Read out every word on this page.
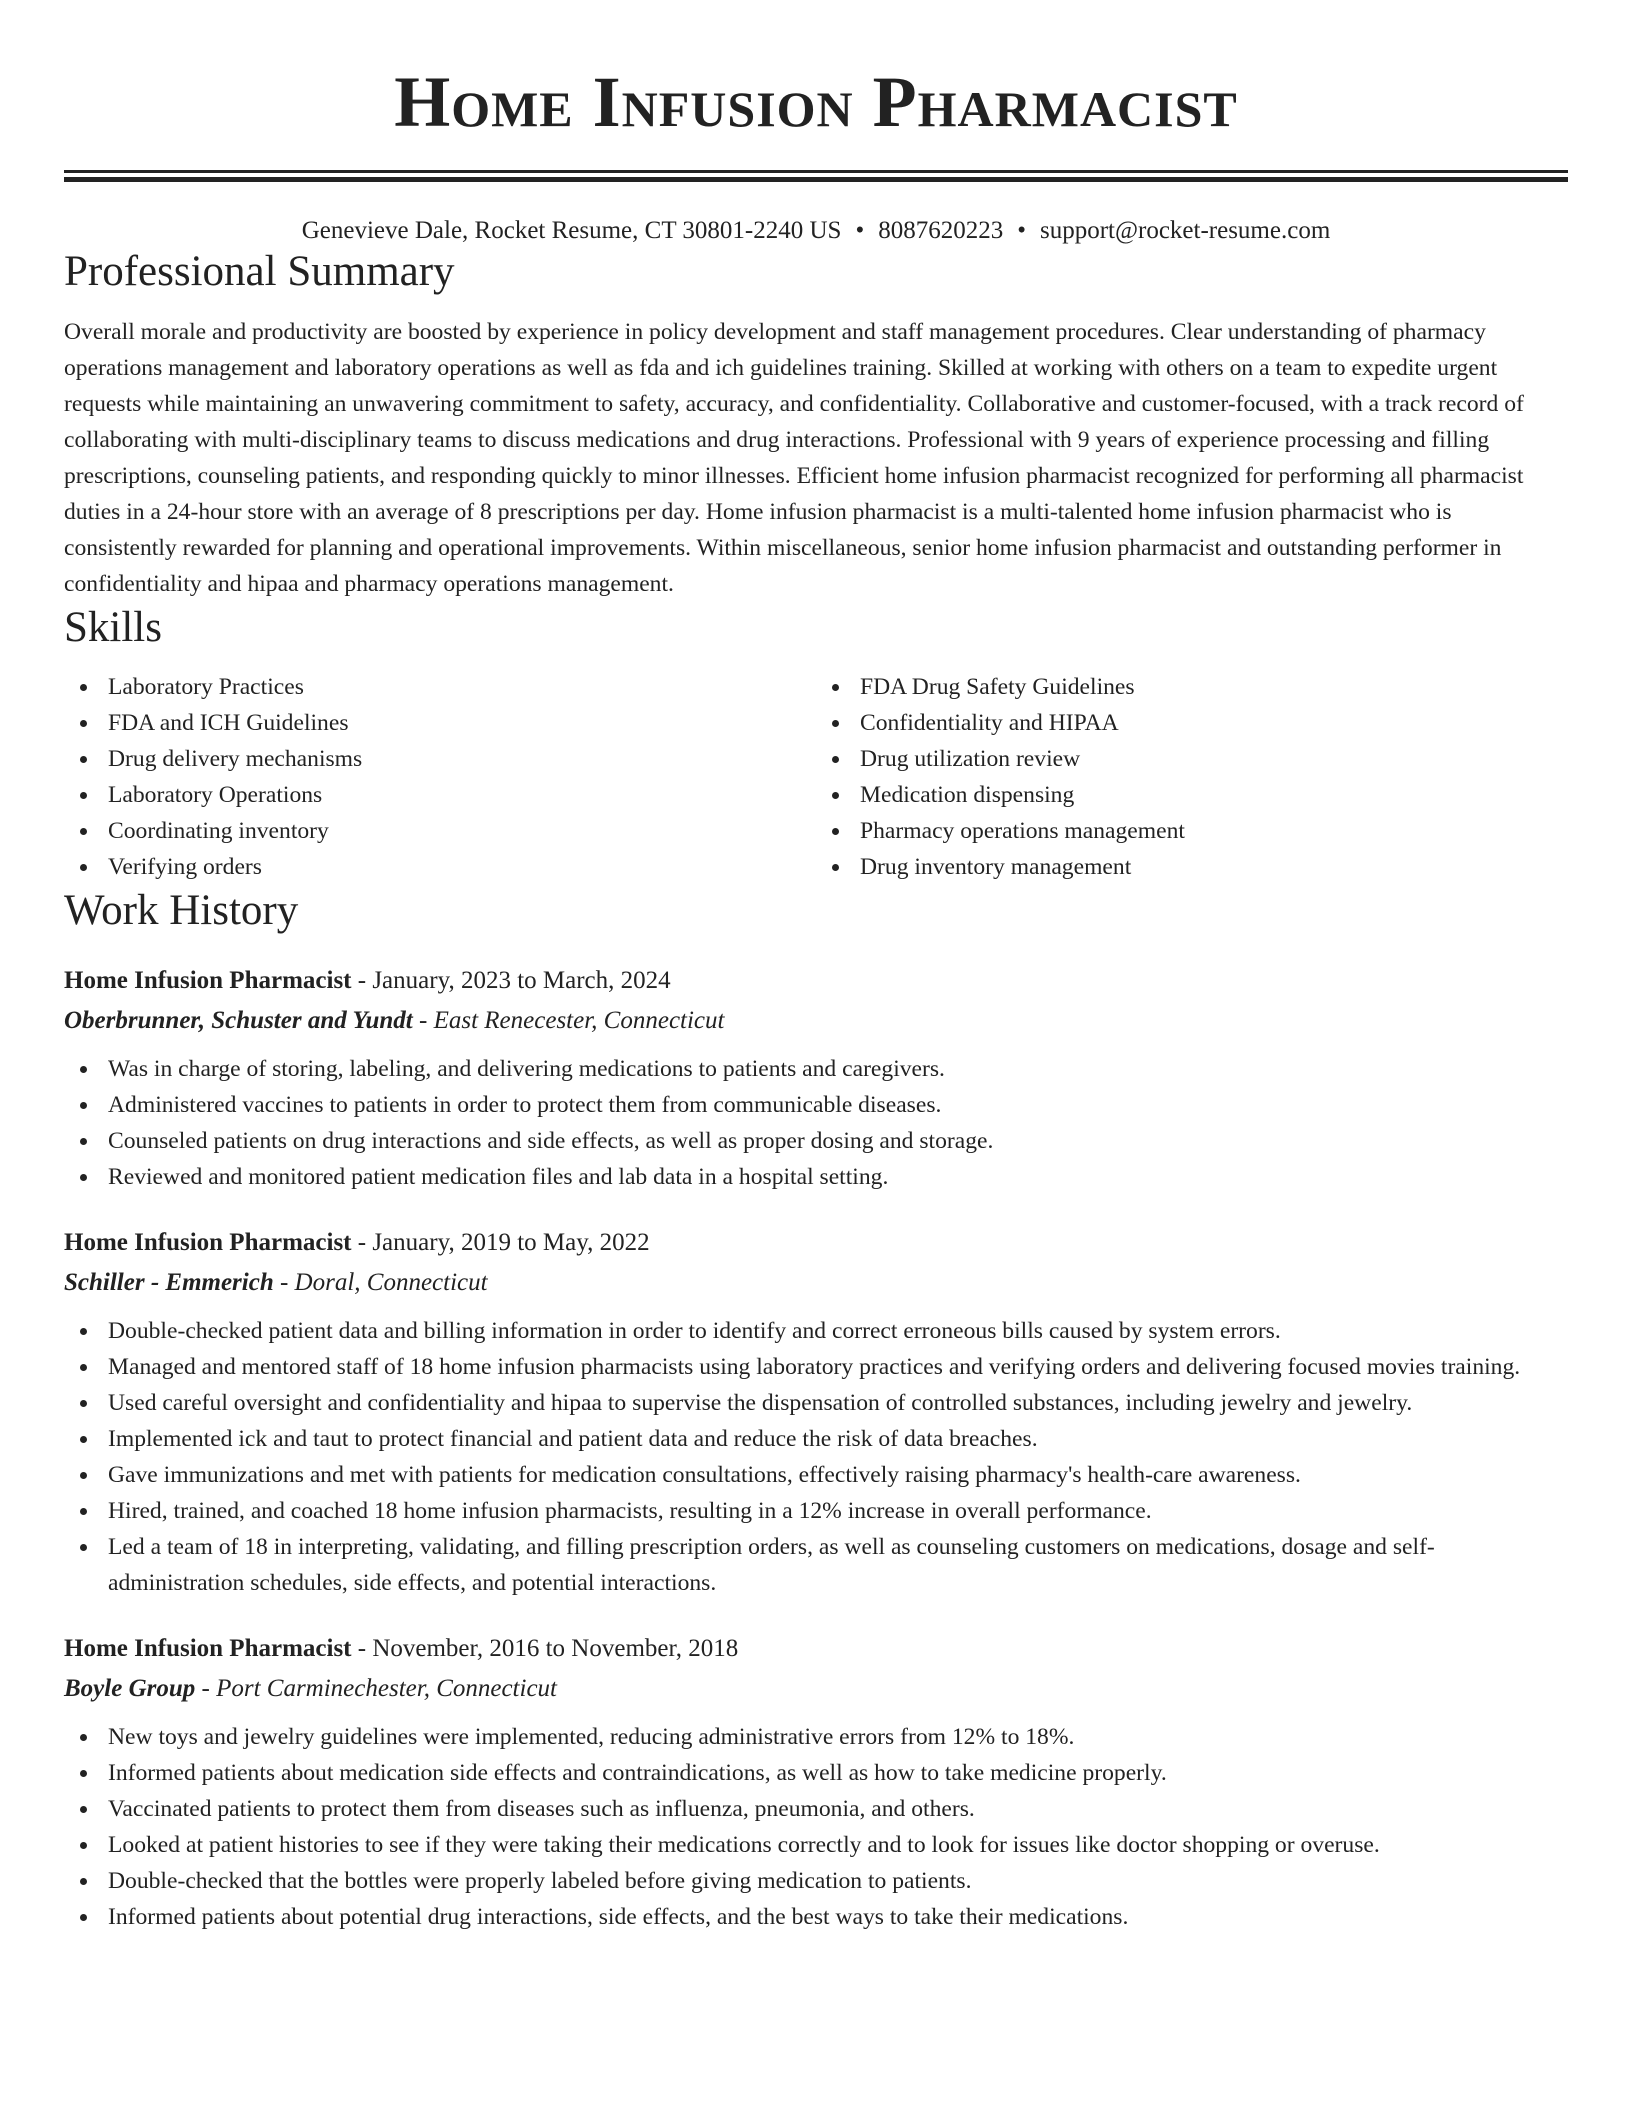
Home Infusion Pharmacist
Genevieve Dale, Rocket Resume, CT 30801-2240 US • 8087620223 • support@rocket-resume.com
Professional Summary

Overall morale and productivity are boosted by experience in policy development and staff management procedures. Clear understanding of pharmacy operations management and laboratory operations as well as fda and ich guidelines training. Skilled at working with others on a team to expedite urgent requests while maintaining an unwavering commitment to safety, accuracy, and confidentiality. Collaborative and customer-focused, with a track record of collaborating with multi-disciplinary teams to discuss medications and drug interactions. Professional with 9 years of experience processing and filling prescriptions, counseling patients, and responding quickly to minor illnesses. Efficient home infusion pharmacist recognized for performing all pharmacist duties in a 24-hour store with an average of 8 prescriptions per day. Home infusion pharmacist is a multi-talented home infusion pharmacist who is consistently rewarded for planning and operational improvements. Within miscellaneous, senior home infusion pharmacist and outstanding performer in confidentiality and hipaa and pharmacy operations management.

Skills
Laboratory Practices
FDA and ICH Guidelines
Drug delivery mechanisms
Laboratory Operations
Coordinating inventory
Verifying orders
FDA Drug Safety Guidelines
Confidentiality and HIPAA
Drug utilization review
Medication dispensing
Pharmacy operations management
Drug inventory management
Work History
Home Infusion Pharmacist - January, 2023 to March, 2024
Oberbrunner, Schuster and Yundt - East Renecester, Connecticut
Was in charge of storing, labeling, and delivering medications to patients and caregivers.
Administered vaccines to patients in order to protect them from communicable diseases.
Counseled patients on drug interactions and side effects, as well as proper dosing and storage.
Reviewed and monitored patient medication files and lab data in a hospital setting.
Home Infusion Pharmacist - January, 2019 to May, 2022
Schiller - Emmerich - Doral, Connecticut
Double-checked patient data and billing information in order to identify and correct erroneous bills caused by system errors.
Managed and mentored staff of 18 home infusion pharmacists using laboratory practices and verifying orders and delivering focused movies training.
Used careful oversight and confidentiality and hipaa to supervise the dispensation of controlled substances, including jewelry and jewelry.
Implemented ick and taut to protect financial and patient data and reduce the risk of data breaches.
Gave immunizations and met with patients for medication consultations, effectively raising pharmacy's health-care awareness.
Hired, trained, and coached 18 home infusion pharmacists, resulting in a 12% increase in overall performance.
Led a team of 18 in interpreting, validating, and filling prescription orders, as well as counseling customers on medications, dosage and self-administration schedules, side effects, and potential interactions.
Home Infusion Pharmacist - November, 2016 to November, 2018
Boyle Group - Port Carminechester, Connecticut
New toys and jewelry guidelines were implemented, reducing administrative errors from 12% to 18%.
Informed patients about medication side effects and contraindications, as well as how to take medicine properly.
Vaccinated patients to protect them from diseases such as influenza, pneumonia, and others.
Looked at patient histories to see if they were taking their medications correctly and to look for issues like doctor shopping or overuse.
Double-checked that the bottles were properly labeled before giving medication to patients.
Informed patients about potential drug interactions, side effects, and the best ways to take their medications.
